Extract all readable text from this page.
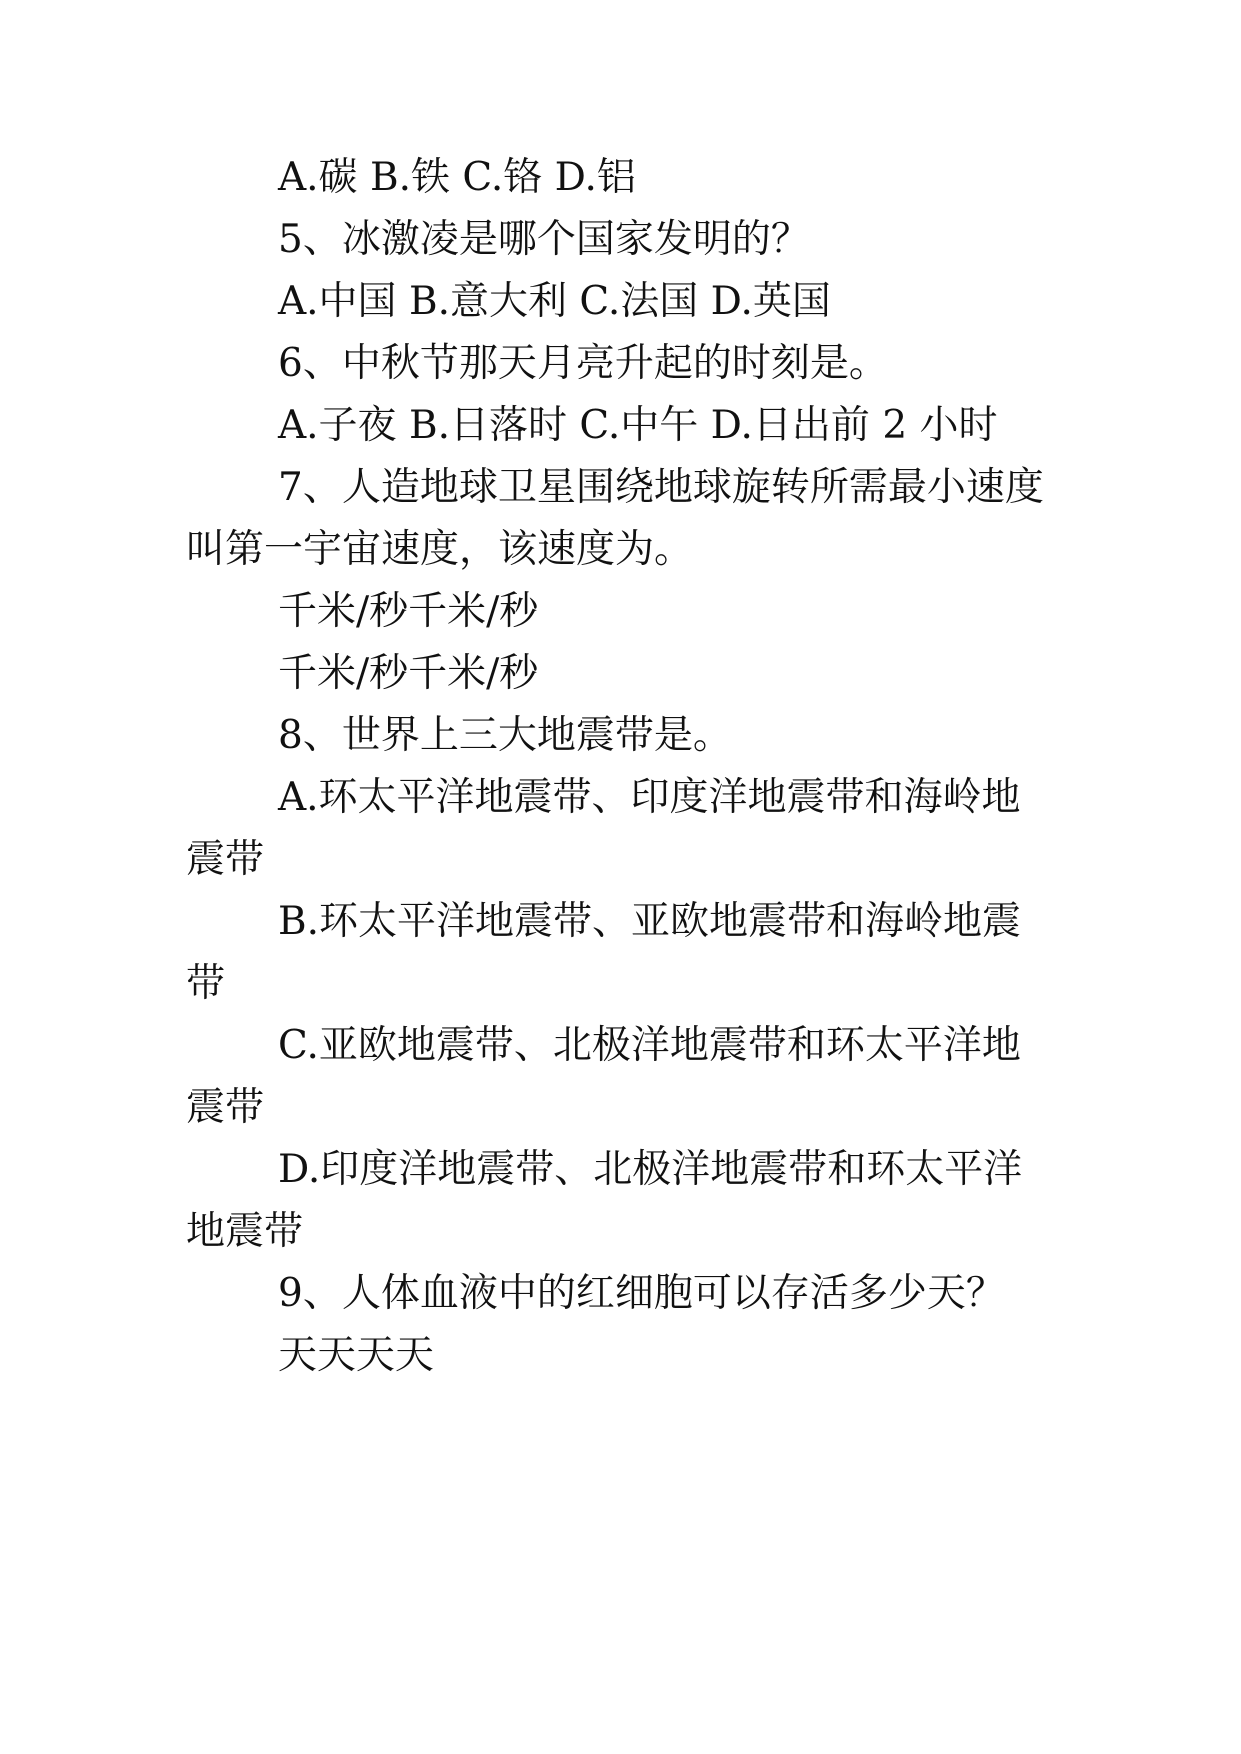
A.碳 B.铁 C.铬 D.铝

5、冰激凌是哪个国家发明的？

A.中国 B.意大利 C.法国 D.英国

6、中秋节那天月亮升起的时刻是。

A.子夜 B.日落时 C.中午 D.日出前 2 小时

7、人造地球卫星围绕地球旋转所需最小速度叫第一宇宙速度，该速度为。

千米/秒千米/秒

千米/秒千米/秒

8、世界上三大地震带是。

A.环太平洋地震带、印度洋地震带和海岭地震带

B.环太平洋地震带、亚欧地震带和海岭地震带

C.亚欧地震带、北极洋地震带和环太平洋地震带

D.印度洋地震带、北极洋地震带和环太平洋地震带

9、人体血液中的红细胞可以存活多少天？

天天天天
